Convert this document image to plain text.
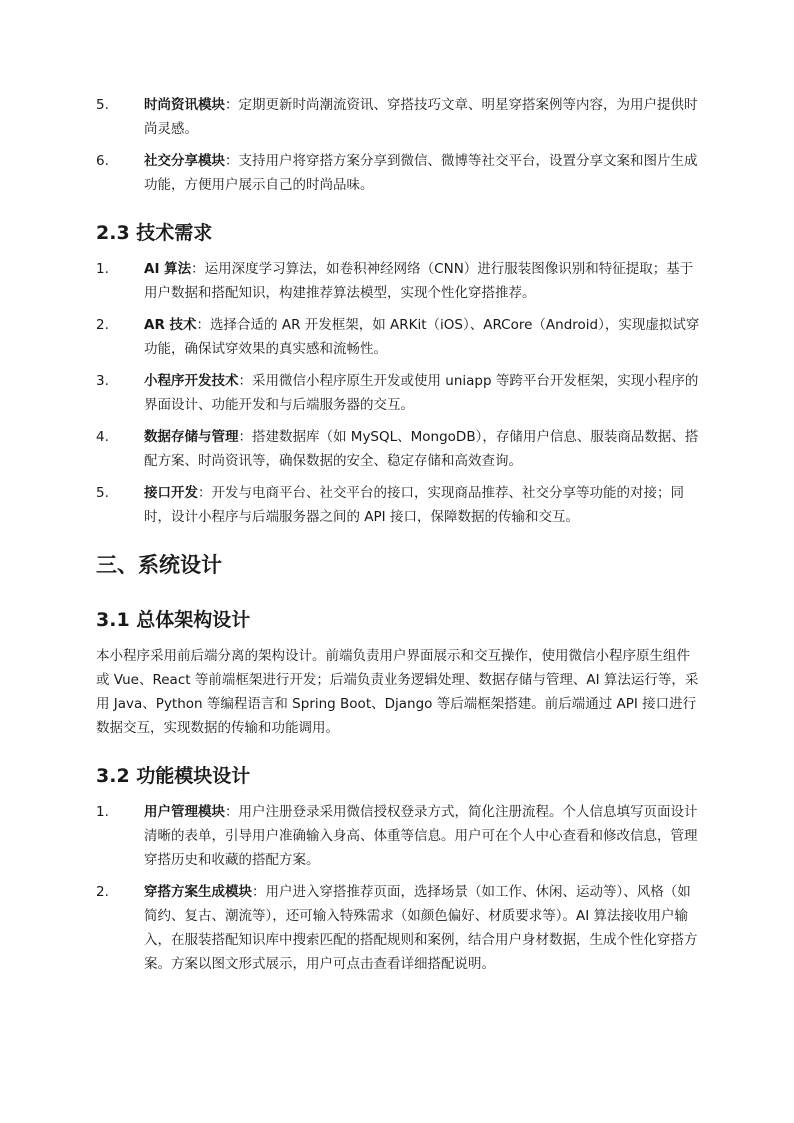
5.	时尚资讯模块：定期更新时尚潮流资讯、穿搭技巧文章、明星穿搭案例等内容，为用户提供时尚灵感。
6.	社交分享模块：支持用户将穿搭方案分享到微信、微博等社交平台，设置分享文案和图片生成功能，方便用户展示自己的时尚品味。
2.3 技术需求
1.	AI 算法：运用深度学习算法，如卷积神经网络（CNN）进行服装图像识别和特征提取；基于用户数据和搭配知识，构建推荐算法模型，实现个性化穿搭推荐。
2.	AR 技术：选择合适的 AR 开发框架，如 ARKit（iOS）、ARCore（Android），实现虚拟试穿功能，确保试穿效果的真实感和流畅性。
3.	小程序开发技术：采用微信小程序原生开发或使用 uniapp 等跨平台开发框架，实现小程序的界面设计、功能开发和与后端服务器的交互。
4.	数据存储与管理：搭建数据库（如 MySQL、MongoDB），存储用户信息、服装商品数据、搭配方案、时尚资讯等，确保数据的安全、稳定存储和高效查询。
5.	接口开发：开发与电商平台、社交平台的接口，实现商品推荐、社交分享等功能的对接；同时，设计小程序与后端服务器之间的 API 接口，保障数据的传输和交互。
三、系统设计
3.1 总体架构设计

本小程序采用前后端分离的架构设计。前端负责用户界面展示和交互操作，使用微信小程序原生组件或 Vue、React 等前端框架进行开发；后端负责业务逻辑处理、数据存储与管理、AI 算法运行等，采用 Java、Python 等编程语言和 Spring Boot、Django 等后端框架搭建。前后端通过 API 接口进行数据交互，实现数据的传输和功能调用。

3.2 功能模块设计
1.	用户管理模块：用户注册登录采用微信授权登录方式，简化注册流程。个人信息填写页面设计清晰的表单，引导用户准确输入身高、体重等信息。用户可在个人中心查看和修改信息，管理穿搭历史和收藏的搭配方案。
2.	穿搭方案生成模块：用户进入穿搭推荐页面，选择场景（如工作、休闲、运动等）、风格（如简约、复古、潮流等），还可输入特殊需求（如颜色偏好、材质要求等）。AI 算法接收用户输入，在服装搭配知识库中搜索匹配的搭配规则和案例，结合用户身材数据，生成个性化穿搭方案。方案以图文形式展示，用户可点击查看详细搭配说明。
